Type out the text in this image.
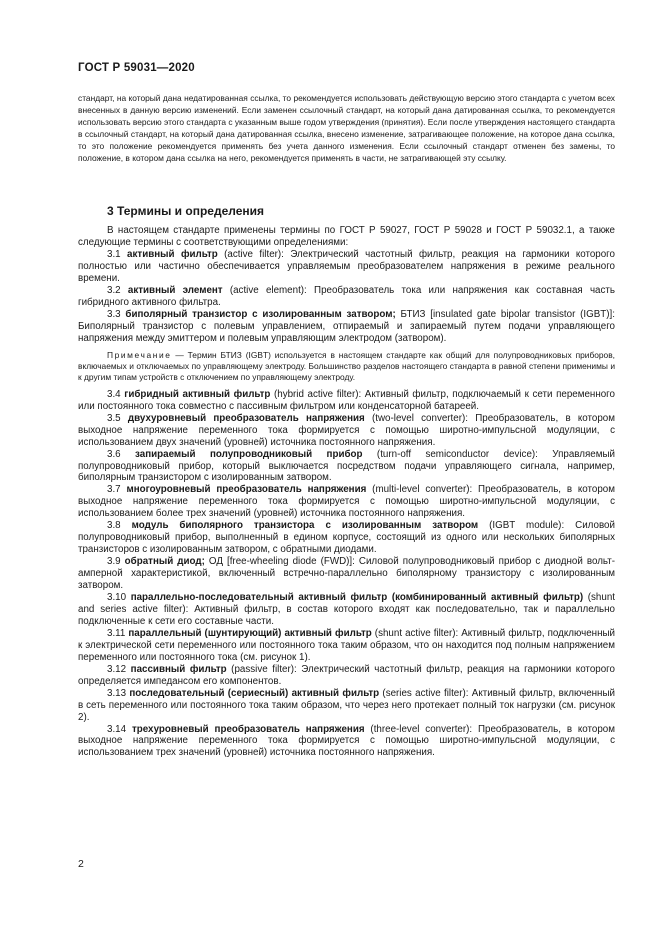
ГОСТ Р 59031—2020
стандарт, на который дана недатированная ссылка, то рекомендуется использовать действующую версию этого стандарта с учетом всех внесенных в данную версию изменений. Если заменен ссылочный стандарт, на который дана датированная ссылка, то рекомендуется использовать версию этого стандарта с указанным выше годом утверждения (принятия). Если после утверждения настоящего стандарта в ссылочный стандарт, на который дана датированная ссылка, внесено изменение, затрагивающее положение, на которое дана ссылка, то это положение рекомендуется применять без учета данного изменения. Если ссылочный стандарт отменен без замены, то положение, в котором дана ссылка на него, рекомендуется применять в части, не затрагивающей эту ссылку.
3 Термины и определения

В настоящем стандарте применены термины по ГОСТ Р 59027, ГОСТ Р 59028 и ГОСТ Р 59032.1, а также следующие термины с соответствующими определениями:

3.1 активный фильтр (active filter): Электрический частотный фильтр, реакция на гармоники которого полностью или частично обеспечивается управляемым преобразователем напряжения в режиме реального времени.

3.2 активный элемент (active element): Преобразователь тока или напряжения как составная часть гибридного активного фильтра.

3.3 биполярный транзистор с изолированным затвором; БТИЗ [insulated gate bipolar transistor (IGBT)]: Биполярный транзистор с полевым управлением, отпираемый и запираемый путем подачи управляющего напряжения между эмиттером и полевым управляющим электродом (затвором).

Примечание — Термин БТИЗ (IGBT) используется в настоящем стандарте как общий для полупроводниковых приборов, включаемых и отключаемых по управляющему электроду. Большинство разделов настоящего стандарта в равной степени применимы и к другим типам устройств с отключением по управляющему электроду.

3.4 гибридный активный фильтр (hybrid active filter): Активный фильтр, подключаемый к сети переменного или постоянного тока совместно с пассивным фильтром или конденсаторной батареей.

3.5 двухуровневый преобразователь напряжения (two-level converter): Преобразователь, в котором выходное напряжение переменного тока формируется с помощью широтно-импульсной модуляции, с использованием двух значений (уровней) источника постоянного напряжения.

3.6 запираемый полупроводниковый прибор (turn-off semiconductor device): Управляемый полупроводниковый прибор, который выключается посредством подачи управляющего сигнала, например, биполярным транзистором с изолированным затвором.

3.7 многоуровневый преобразователь напряжения (multi-level converter): Преобразователь, в котором выходное напряжение переменного тока формируется с помощью широтно-импульсной модуляции, с использованием более трех значений (уровней) источника постоянного напряжения.

3.8 модуль биполярного транзистора с изолированным затвором (IGBT module): Силовой полупроводниковый прибор, выполненный в едином корпусе, состоящий из одного или нескольких биполярных транзисторов с изолированным затвором, с обратными диодами.

3.9 обратный диод; ОД [free-wheeling diode (FWD)]: Силовой полупроводниковый прибор с диодной вольт-амперной характеристикой, включенный встречно-параллельно биполярному транзистору с изолированным затвором.

3.10 параллельно-последовательный активный фильтр (комбинированный активный фильтр) (shunt and series active filter): Активный фильтр, в состав которого входят как последовательно, так и параллельно подключенные к сети его составные части.

3.11 параллельный (шунтирующий) активный фильтр (shunt active filter): Активный фильтр, подключенный к электрической сети переменного или постоянного тока таким образом, что он находится под полным напряжением переменного или постоянного тока (см. рисунок 1).

3.12 пассивный фильтр (passive filter): Электрический частотный фильтр, реакция на гармоники которого определяется импедансом его компонентов.

3.13 последовательный (сериесный) активный фильтр (series active filter): Активный фильтр, включенный в сеть переменного или постоянного тока таким образом, что через него протекает полный ток нагрузки (см. рисунок 2).

3.14 трехуровневый преобразователь напряжения (three-level converter): Преобразователь, в котором выходное напряжение переменного тока формируется с помощью широтно-импульсной модуляции, с использованием трех значений (уровней) источника постоянного напряжения.

2
